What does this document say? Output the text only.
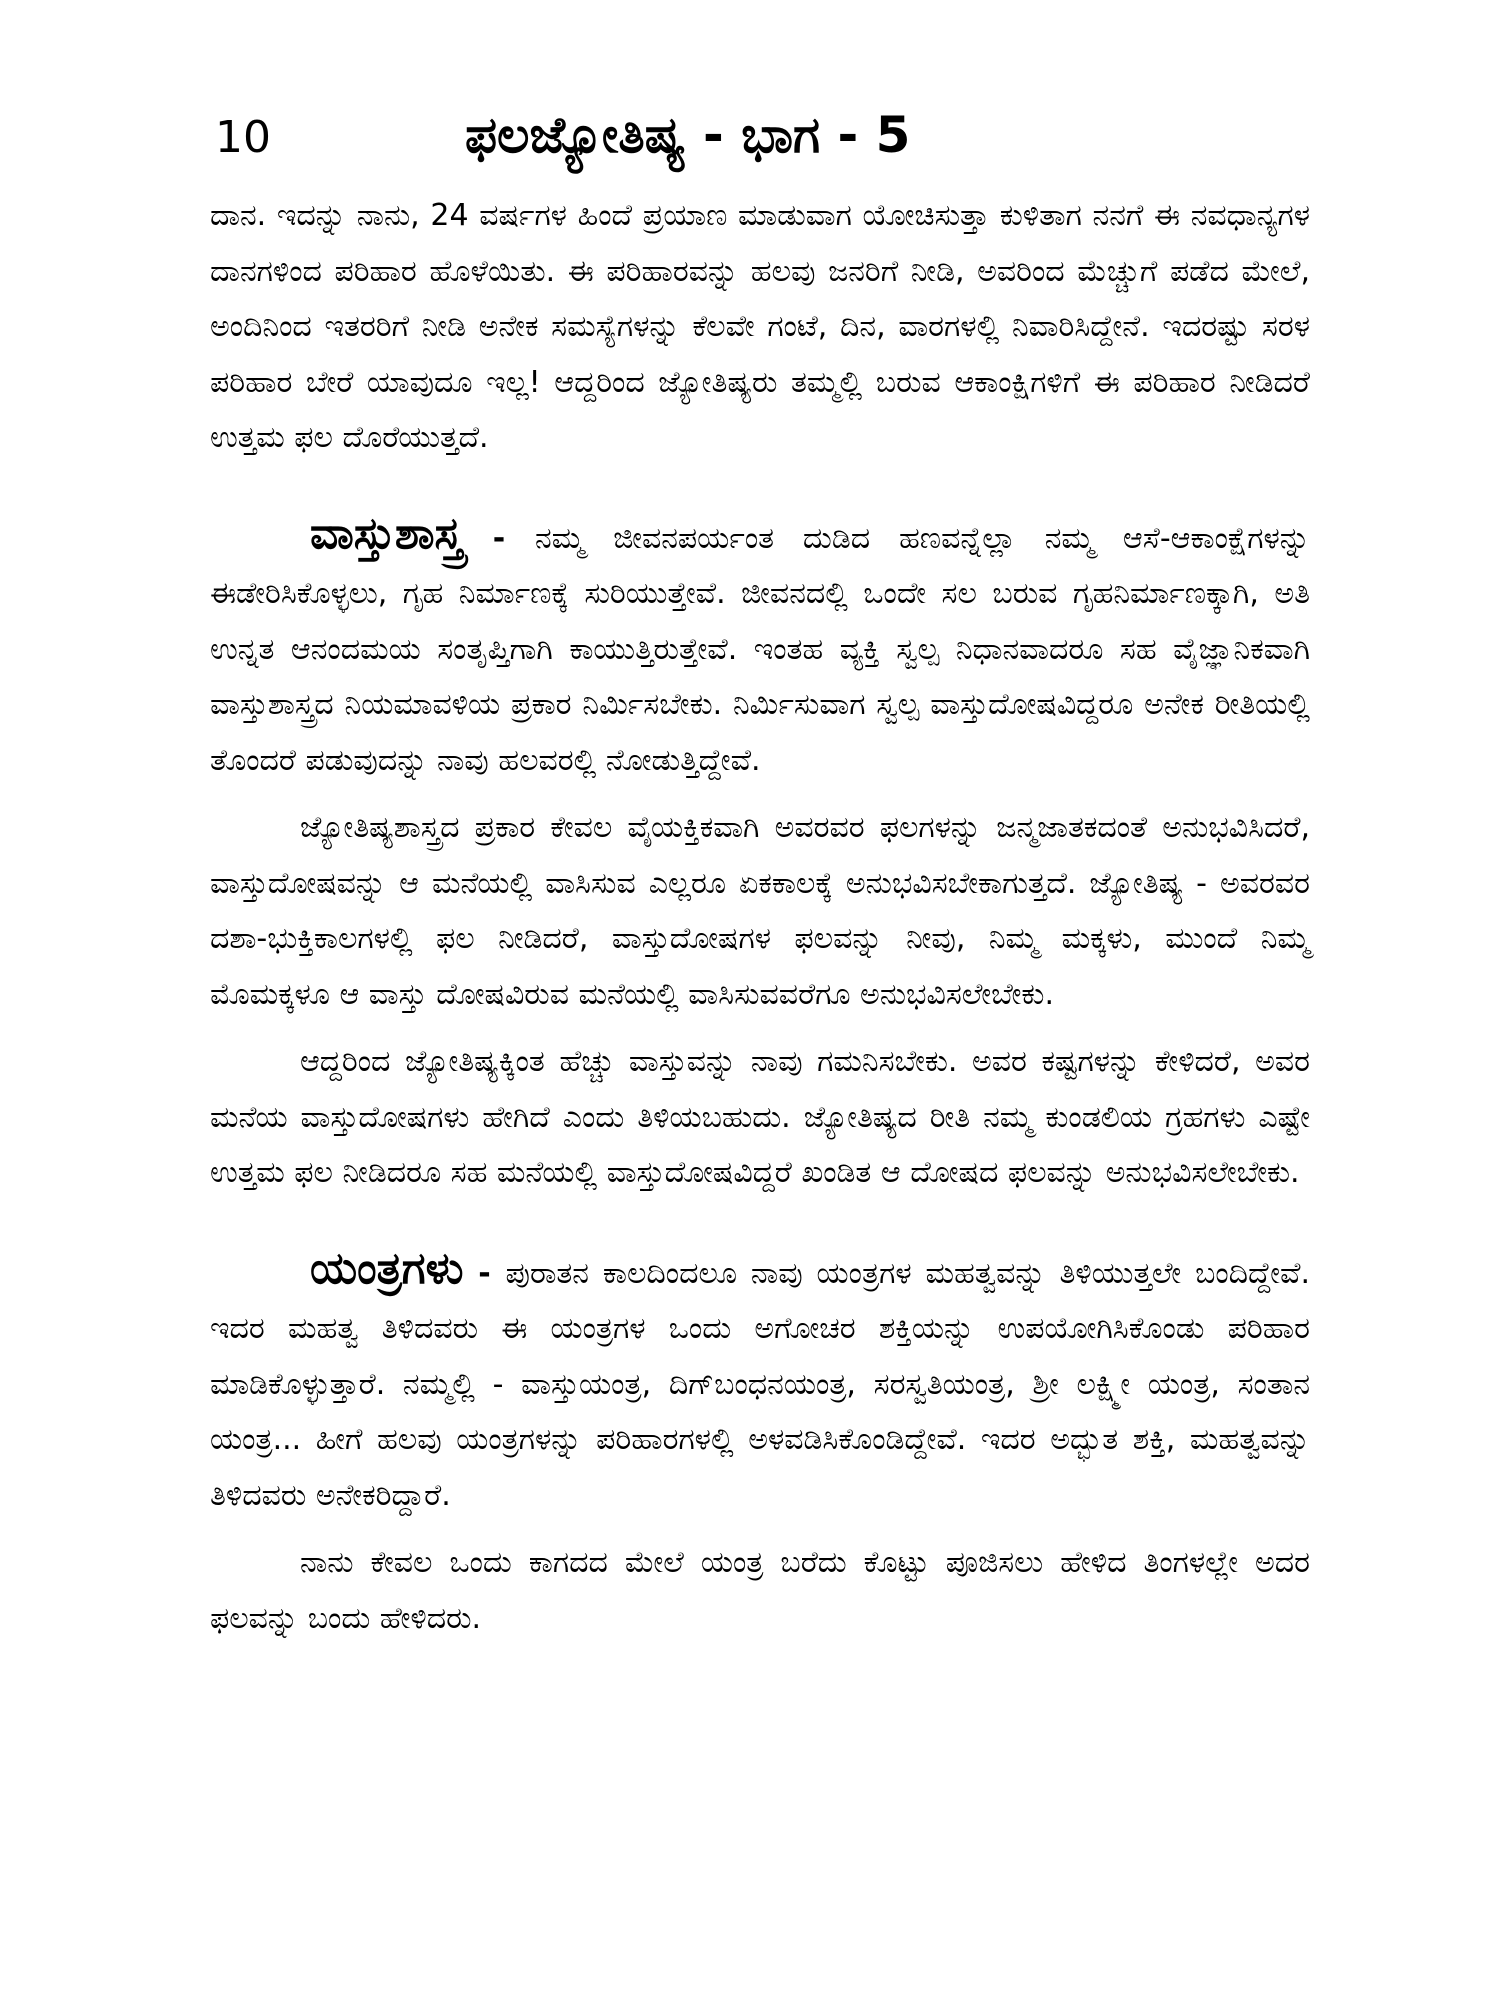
10	ಫಲಜ್ಯೋತಿಷ್ಯ - ಭಾಗ - 5

ದಾನ. ಇದನ್ನು ನಾನು, 24 ವರ್ಷಗಳ ಹಿಂದೆ ಪ್ರಯಾಣ ಮಾಡುವಾಗ ಯೋಚಿಸುತ್ತಾ ಕುಳಿತಾಗ ನನಗೆ ಈ ನವಧಾನ್ಯಗಳ ದಾನಗಳಿಂದ ಪರಿಹಾರ ಹೊಳೆಯಿತು. ಈ ಪರಿಹಾರವನ್ನು ಹಲವು ಜನರಿಗೆ ನೀಡಿ, ಅವರಿಂದ ಮೆಚ್ಚುಗೆ ಪಡೆದ ಮೇಲೆ, ಅಂದಿನಿಂದ ಇತರರಿಗೆ ನೀಡಿ ಅನೇಕ ಸಮಸ್ಯೆಗಳನ್ನು ಕೆಲವೇ ಗಂಟೆ, ದಿನ, ವಾರಗಳಲ್ಲಿ ನಿವಾರಿಸಿದ್ದೇನೆ. ಇದರಷ್ಟು ಸರಳ ಪರಿಹಾರ ಬೇರೆ ಯಾವುದೂ ಇಲ್ಲ! ಆದ್ದರಿಂದ ಜ್ಯೋತಿಷ್ಯರು ತಮ್ಮಲ್ಲಿ ಬರುವ ಆಕಾಂಕ್ಷಿಗಳಿಗೆ ಈ ಪರಿಹಾರ ನೀಡಿದರೆ ಉತ್ತಮ ಫಲ ದೊರೆಯುತ್ತದೆ.

ವಾಸ್ತುಶಾಸ್ತ್ರ - ನಮ್ಮ ಜೀವನಪರ್ಯಂತ ದುಡಿದ ಹಣವನ್ನೆಲ್ಲಾ ನಮ್ಮ ಆಸೆ-ಆಕಾಂಕ್ಷೆಗಳನ್ನು ಈಡೇರಿಸಿಕೊಳ್ಳಲು, ಗೃಹ ನಿರ್ಮಾಣಕ್ಕೆ ಸುರಿಯುತ್ತೇವೆ. ಜೀವನದಲ್ಲಿ ಒಂದೇ ಸಲ ಬರುವ ಗೃಹನಿರ್ಮಾಣಕ್ಕಾಗಿ, ಅತಿ ಉನ್ನತ ಆನಂದಮಯ ಸಂತೃಪ್ತಿಗಾಗಿ ಕಾಯುತ್ತಿರುತ್ತೇವೆ. ಇಂತಹ ವ್ಯಕ್ತಿ ಸ್ವಲ್ಪ ನಿಧಾನವಾದರೂ ಸಹ ವೈಜ್ಞಾನಿಕವಾಗಿ ವಾಸ್ತುಶಾಸ್ತ್ರದ ನಿಯಮಾವಳಿಯ ಪ್ರಕಾರ ನಿರ್ಮಿಸಬೇಕು. ನಿರ್ಮಿಸುವಾಗ ಸ್ವಲ್ಪ ವಾಸ್ತುದೋಷವಿದ್ದರೂ ಅನೇಕ ರೀತಿಯಲ್ಲಿ ತೊಂದರೆ ಪಡುವುದನ್ನು ನಾವು ಹಲವರಲ್ಲಿ ನೋಡುತ್ತಿದ್ದೇವೆ.

ಜ್ಯೋತಿಷ್ಯಶಾಸ್ತ್ರದ ಪ್ರಕಾರ ಕೇವಲ ವೈಯಕ್ತಿಕವಾಗಿ ಅವರವರ ಫಲಗಳನ್ನು ಜನ್ಮಜಾತಕದಂತೆ ಅನುಭವಿಸಿದರೆ, ವಾಸ್ತುದೋಷವನ್ನು ಆ ಮನೆಯಲ್ಲಿ ವಾಸಿಸುವ ಎಲ್ಲರೂ ಏಕಕಾಲಕ್ಕೆ ಅನುಭವಿಸಬೇಕಾಗುತ್ತದೆ. ಜ್ಯೋತಿಷ್ಯ - ಅವರವರ ದಶಾ-ಭುಕ್ತಿಕಾಲಗಳಲ್ಲಿ ಫಲ ನೀಡಿದರೆ, ವಾಸ್ತುದೋಷಗಳ ಫಲವನ್ನು ನೀವು, ನಿಮ್ಮ ಮಕ್ಕಳು, ಮುಂದೆ ನಿಮ್ಮ ಮೊಮಕ್ಕಳೂ ಆ ವಾಸ್ತು ದೋಷವಿರುವ ಮನೆಯಲ್ಲಿ ವಾಸಿಸುವವರೆಗೂ ಅನುಭವಿಸಲೇಬೇಕು.

ಆದ್ದರಿಂದ ಜ್ಯೋತಿಷ್ಯಕ್ಕಿಂತ ಹೆಚ್ಚು ವಾಸ್ತುವನ್ನು ನಾವು ಗಮನಿಸಬೇಕು. ಅವರ ಕಷ್ಟಗಳನ್ನು ಕೇಳಿದರೆ, ಅವರ ಮನೆಯ ವಾಸ್ತುದೋಷಗಳು ಹೇಗಿದೆ ಎಂದು ತಿಳಿಯಬಹುದು. ಜ್ಯೋತಿಷ್ಯದ ರೀತಿ ನಮ್ಮ ಕುಂಡಲಿಯ ಗ್ರಹಗಳು ಎಷ್ಟೇ ಉತ್ತಮ ಫಲ ನೀಡಿದರೂ ಸಹ ಮನೆಯಲ್ಲಿ ವಾಸ್ತುದೋಷವಿದ್ದರೆ ಖಂಡಿತ ಆ ದೋಷದ ಫಲವನ್ನು ಅನುಭವಿಸಲೇಬೇಕು.

ಯಂತ್ರಗಳು - ಪುರಾತನ ಕಾಲದಿಂದಲೂ ನಾವು ಯಂತ್ರಗಳ ಮಹತ್ವವನ್ನು ತಿಳಿಯುತ್ತಲೇ ಬಂದಿದ್ದೇವೆ. ಇದರ ಮಹತ್ವ ತಿಳಿದವರು ಈ ಯಂತ್ರಗಳ ಒಂದು ಅಗೋಚರ ಶಕ್ತಿಯನ್ನು ಉಪಯೋಗಿಸಿಕೊಂಡು ಪರಿಹಾರ ಮಾಡಿಕೊಳ್ಳುತ್ತಾರೆ. ನಮ್ಮಲ್ಲಿ - ವಾಸ್ತುಯಂತ್ರ, ದಿಗ್‌ಬಂಧನಯಂತ್ರ, ಸರಸ್ವತಿಯಂತ್ರ, ಶ್ರೀ ಲಕ್ಷ್ಮೀ ಯಂತ್ರ, ಸಂತಾನ ಯಂತ್ರ... ಹೀಗೆ ಹಲವು ಯಂತ್ರಗಳನ್ನು ಪರಿಹಾರಗಳಲ್ಲಿ ಅಳವಡಿಸಿಕೊಂಡಿದ್ದೇವೆ. ಇದರ ಅದ್ಭುತ ಶಕ್ತಿ, ಮಹತ್ವವನ್ನು ತಿಳಿದವರು ಅನೇಕರಿದ್ದಾರೆ.

ನಾನು ಕೇವಲ ಒಂದು ಕಾಗದದ ಮೇಲೆ ಯಂತ್ರ ಬರೆದು ಕೊಟ್ಟು ಪೂಜಿಸಲು ಹೇಳಿದ ತಿಂಗಳಲ್ಲೇ ಅದರ ಫಲವನ್ನು ಬಂದು ಹೇಳಿದರು.
